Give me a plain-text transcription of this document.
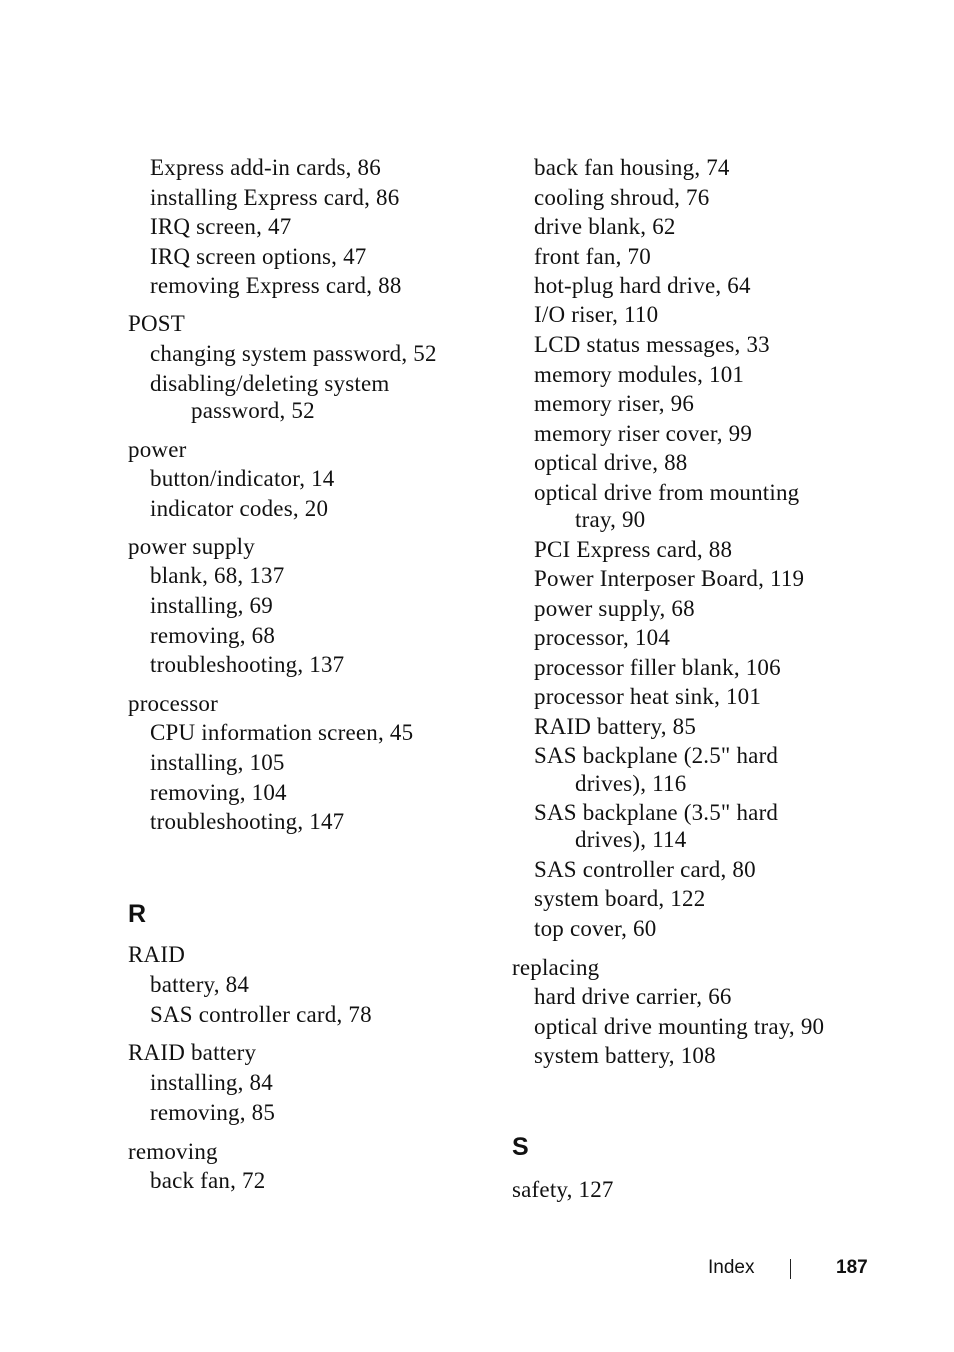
Express add-in cards, 86
installing Express card, 86
IRQ screen, 47
IRQ screen options, 47
removing Express card, 88
POST
changing system password, 52
disabling/deleting system
password, 52
power
button/indicator, 14
indicator codes, 20
power supply
blank, 68, 137
installing, 69
removing, 68
troubleshooting, 137
processor
CPU information screen, 45
installing, 105
removing, 104
troubleshooting, 147
R
RAID
battery, 84
SAS controller card, 78
RAID battery
installing, 84
removing, 85
removing
back fan, 72
back fan housing, 74
cooling shroud, 76
drive blank, 62
front fan, 70
hot-plug hard drive, 64
I/O riser, 110
LCD status messages, 33
memory modules, 101
memory riser, 96
memory riser cover, 99
optical drive, 88
optical drive from mounting
tray, 90
PCI Express card, 88
Power Interposer Board, 119
power supply, 68
processor, 104
processor filler blank, 106
processor heat sink, 101
RAID battery, 85
SAS backplane (2.5" hard
drives), 116
SAS backplane (3.5" hard
drives), 114
SAS controller card, 80
system board, 122
top cover, 60
replacing
hard drive carrier, 66
optical drive mounting tray, 90
system battery, 108
S
safety, 127
Index	187
